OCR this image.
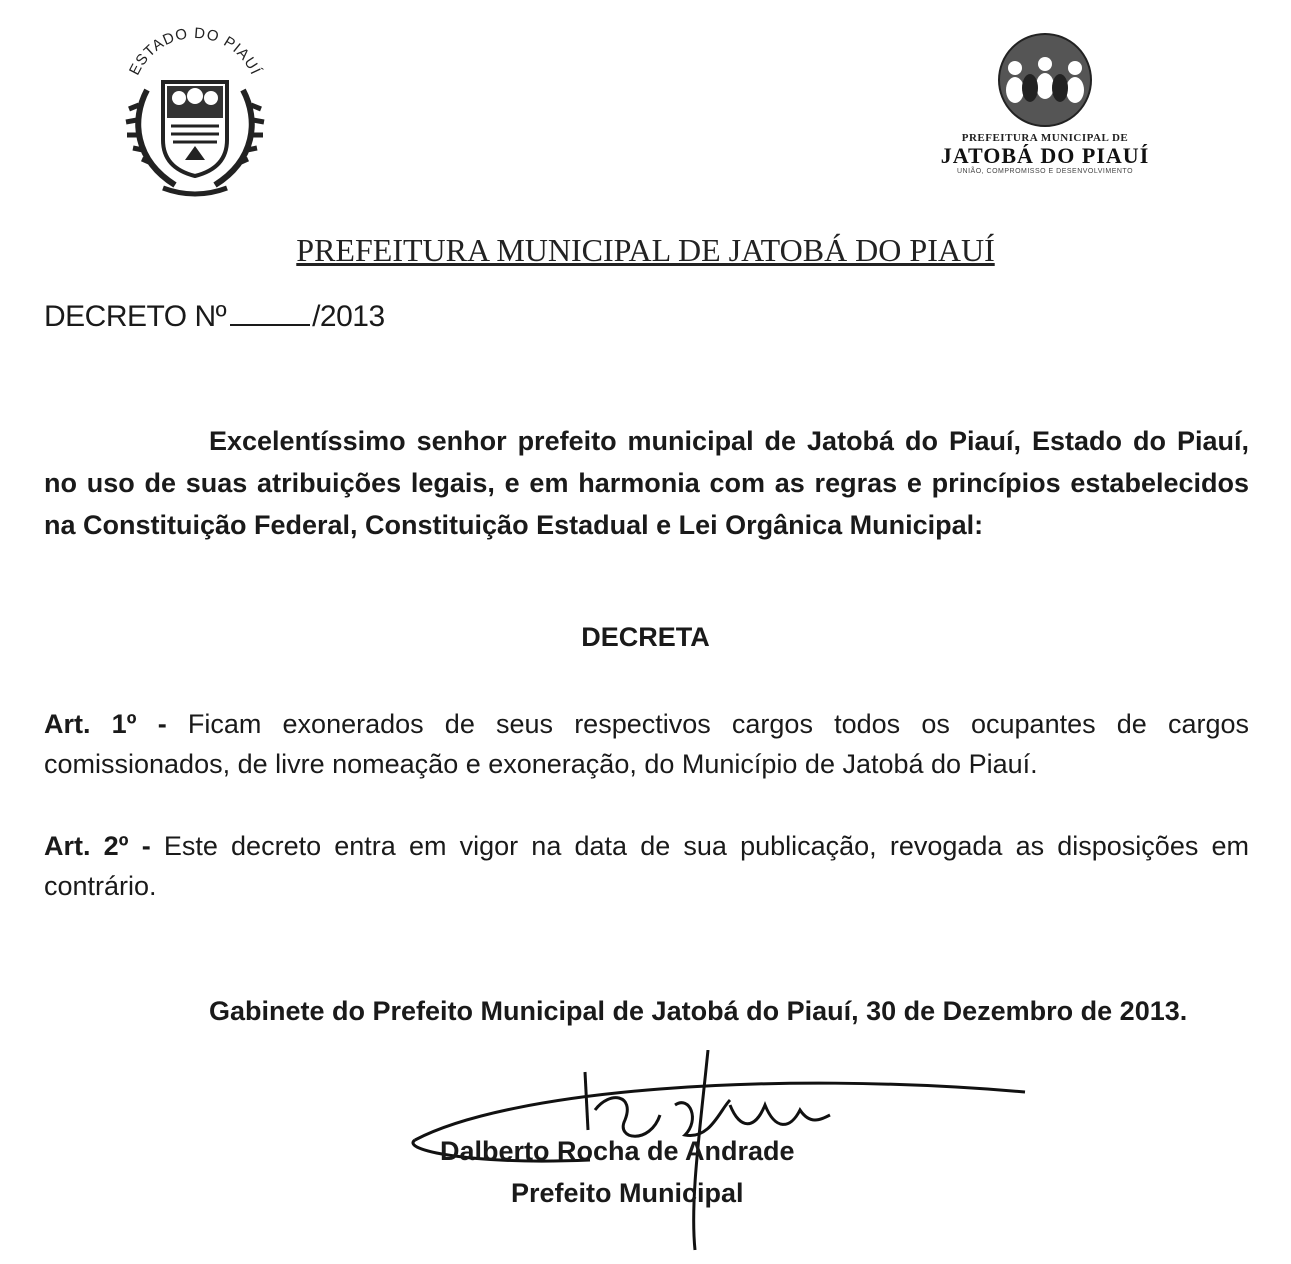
ESTADO DO PIAUÍ
PREFEITURA MUNICIPAL DE
JATOBÁ DO PIAUÍ
UNIÃO, COMPROMISSO E DESENVOLVIMENTO
PREFEITURA MUNICIPAL DE JATOBÁ DO PIAUÍ
DECRETO Nº	/2013

Excelentíssimo senhor prefeito municipal de Jatobá do Piauí, Estado do Piauí, no uso de suas atribuições legais, e em harmonia com as regras e princípios estabelecidos na Constituição Federal, Constituição Estadual e Lei Orgânica Municipal:

DECRETA

Art. 1º - Ficam exonerados de seus respectivos cargos todos os ocupantes de cargos comissionados, de livre nomeação e exoneração, do Município de Jatobá do Piauí.

Art. 2º - Este decreto entra em vigor na data de sua publicação, revogada as disposições em contrário.

Gabinete do Prefeito Municipal de Jatobá do Piauí, 30 de Dezembro de 2013.

Dalberto Rocha de Andrade
Prefeito Municipal
